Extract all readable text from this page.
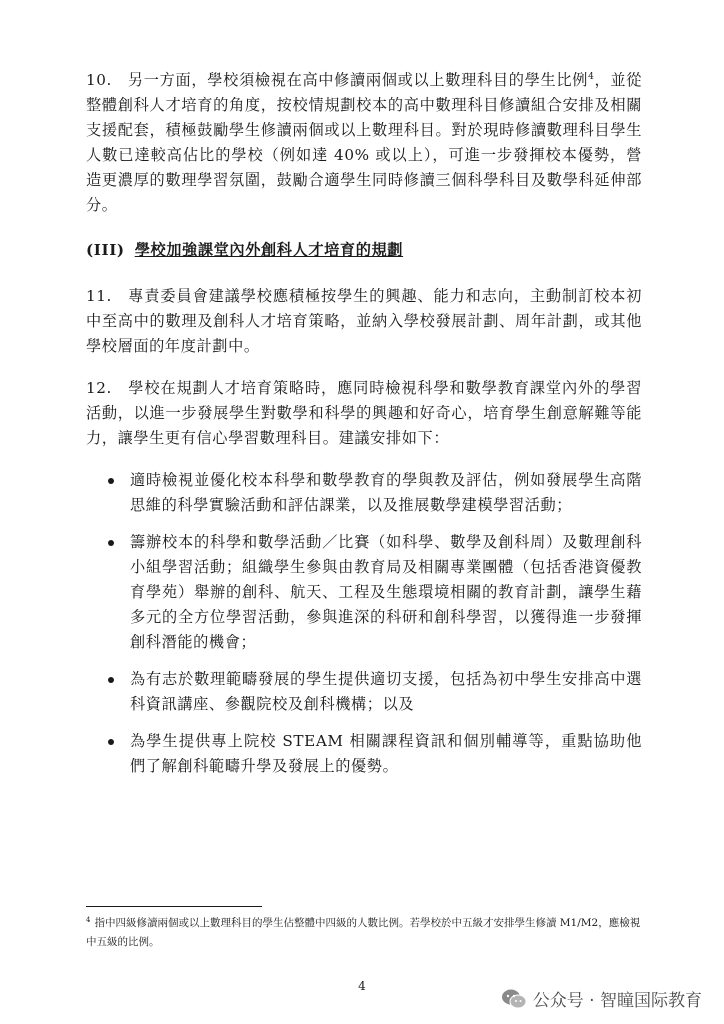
10.　另一方面，學校須檢視在高中修讀兩個或以上數理科目的學生比例$^4$，並從整體創科人才培育的角度，按校情規劃校本的高中數理科目修讀組合安排及相關支援配套，積極鼓勵學生修讀兩個或以上數理科目。對於現時修讀數理科目學生人數已達較高佔比的學校（例如達 40% 或以上），可進一步發揮校本優勢，營造更濃厚的數理學習氛圍，鼓勵合適學生同時修讀三個科學科目及數學科延伸部分。

(III) 學校加強課堂內外創科人才培育的規劃

11.　專責委員會建議學校應積極按學生的興趣、能力和志向，主動制訂校本初中至高中的數理及創科人才培育策略，並納入學校發展計劃、周年計劃，或其他學校層面的年度計劃中。

12.　學校在規劃人才培育策略時，應同時檢視科學和數學教育課堂內外的學習活動，以進一步發展學生對數學和科學的興趣和好奇心，培育學生創意解難等能力，讓學生更有信心學習數理科目。建議安排如下：

適時檢視並優化校本科學和數學教育的學與教及評估，例如發展學生高階思維的科學實驗活動和評估課業，以及推展數學建模學習活動；
籌辦校本的科學和數學活動／比賽（如科學、數學及創科周）及數理創科小組學習活動；組織學生參與由教育局及相關專業團體（包括香港資優教育學苑）舉辦的創科、航天、工程及生態環境相關的教育計劃，讓學生藉多元的全方位學習活動，參與進深的科研和創科學習，以獲得進一步發揮創科潛能的機會；
為有志於數理範疇發展的學生提供適切支援，包括為初中學生安排高中選科資訊講座、參觀院校及創科機構；以及
為學生提供專上院校 STEAM 相關課程資訊和個別輔導等，重點協助他們了解創科範疇升學及發展上的優勢。

$^4$ 指中四級修讀兩個或以上數理科目的學生佔整體中四級的人數比例。若學校於中五級才安排學生修讀 M1/M2，應檢視中五級的比例。

4
公众号 · 智瞳国际教育
